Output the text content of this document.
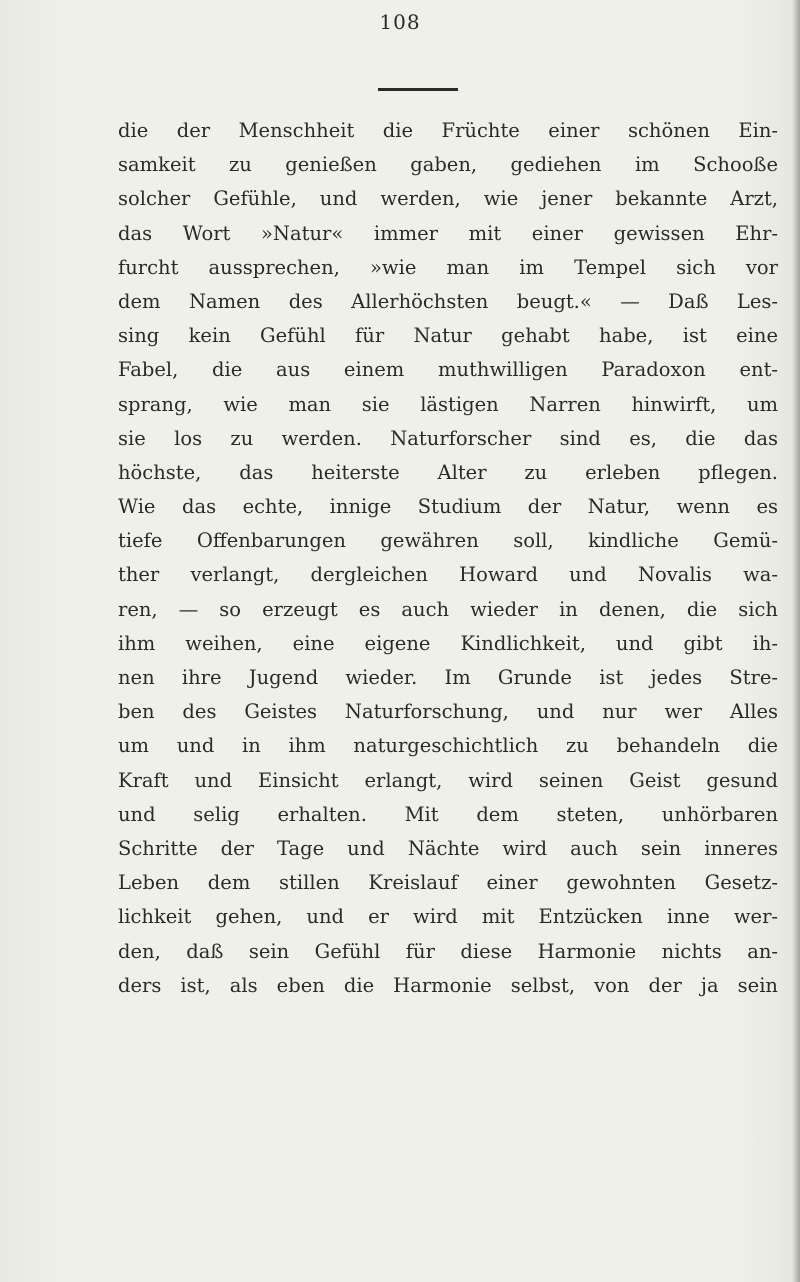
108
die der Menschheit die Früchte einer schönen Ein-
samkeit zu genießen gaben, gediehen im Schooße
solcher Gefühle, und werden, wie jener bekannte Arzt,
das Wort »Natur« immer mit einer gewissen Ehr-
furcht aussprechen, »wie man im Tempel sich vor
dem Namen des Allerhöchsten beugt.« — Daß Les-
sing kein Gefühl für Natur gehabt habe, ist eine
Fabel, die aus einem muthwilligen Paradoxon ent-
sprang, wie man sie lästigen Narren hinwirft, um
sie los zu werden. Naturforscher sind es, die das
höchste, das heiterste Alter zu erleben pflegen.
Wie das echte, innige Studium der Natur, wenn es
tiefe Offenbarungen gewähren soll, kindliche Gemü-
ther verlangt, dergleichen Howard und Novalis wa-
ren, — so erzeugt es auch wieder in denen, die sich
ihm weihen, eine eigene Kindlichkeit, und gibt ih-
nen ihre Jugend wieder. Im Grunde ist jedes Stre-
ben des Geistes Naturforschung, und nur wer Alles
um und in ihm naturgeschichtlich zu behandeln die
Kraft und Einsicht erlangt, wird seinen Geist gesund
und selig erhalten. Mit dem steten, unhörbaren
Schritte der Tage und Nächte wird auch sein inneres
Leben dem stillen Kreislauf einer gewohnten Gesetz-
lichkeit gehen, und er wird mit Entzücken inne wer-
den, daß sein Gefühl für diese Harmonie nichts an-
ders ist, als eben die Harmonie selbst, von der ja sein
